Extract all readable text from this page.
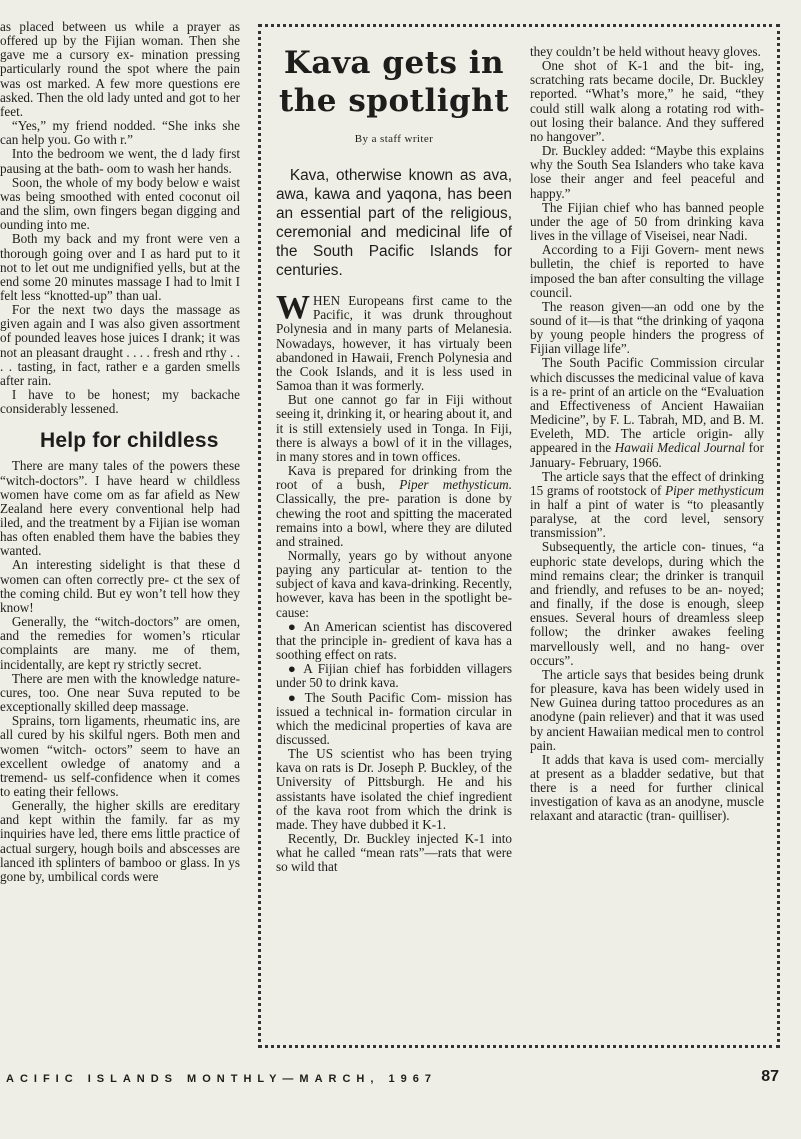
as placed between us while a prayer as offered up by the Fijian woman. Then she gave me a cursory ex- mination pressing particularly round the spot where the pain was ost marked. A few more questions ere asked. Then the old lady unted and got to her feet.

“Yes,” my friend nodded. “She inks she can help you. Go with r.”

Into the bedroom we went, the d lady first pausing at the bath- oom to wash her hands.

Soon, the whole of my body below e waist was being smoothed with ented coconut oil and the slim, own fingers began digging and ounding into me.

Both my back and my front were ven a thorough going over and I as hard put to it not to let out me undignified yells, but at the end some 20 minutes massage I had to lmit I felt less “knotted-up” than ual.

For the next two days the massage as given again and I was also given assortment of pounded leaves hose juices I drank; it was not an pleasant draught . . . . fresh and rthy . . . . tasting, in fact, rather e a garden smells after rain.

I have to be honest; my backache considerably lessened.

Help for childless

There are many tales of the powers these “witch-doctors”. I have heard w childless women have come om as far afield as New Zealand here every conventional help had iled, and the treatment by a Fijian ise woman has often enabled them have the babies they wanted.

An interesting sidelight is that these d women can often correctly pre- ct the sex of the coming child. But ey won’t tell how they know!

Generally, the “witch-doctors” are omen, and the remedies for women’s rticular complaints are many. me of them, incidentally, are kept ry strictly secret.

There are men with the knowledge nature-cures, too. One near Suva reputed to be exceptionally skilled deep massage.

Sprains, torn ligaments, rheumatic ins, are all cured by his skilful ngers. Both men and women “witch- octors” seem to have an excellent owledge of anatomy and a tremend- us self-confidence when it comes to eating their fellows.

Generally, the higher skills are ereditary and kept within the family. far as my inquiries have led, there ems little practice of actual surgery, hough boils and abscesses are lanced ith splinters of bamboo or glass. In ys gone by, umbilical cords were

Kava gets in the spotlight
By a staff writer

Kava, otherwise known as ava, awa, kawa and yaqona, has been an essential part of the religious, ceremonial and medicinal life of the South Pacific Islands for centuries.

WHEN Europeans first came to the Pacific, it was drunk throughout Polynesia and in many parts of Melanesia. Nowadays, however, it has virtualy been abandoned in Hawaii, French Polynesia and the Cook Islands, and it is less used in Samoa than it was formerly.

But one cannot go far in Fiji without seeing it, drinking it, or hearing about it, and it is still extensiely used in Tonga. In Fiji, there is always a bowl of it in the villages, in many stores and in town offices.

Kava is prepared for drinking from the root of a bush, Piper methysticum. Classically, the pre- paration is done by chewing the root and spitting the macerated remains into a bowl, where they are diluted and strained.

Normally, years go by without anyone paying any particular at- tention to the subject of kava and kava-drinking. Recently, however, kava has been in the spotlight be- cause:

● An American scientist has discovered that the principle in- gredient of kava has a soothing effect on rats.

● A Fijian chief has forbidden villagers under 50 to drink kava.

● The South Pacific Com- mission has issued a technical in- formation circular in which the medicinal properties of kava are discussed.

The US scientist who has been trying kava on rats is Dr. Joseph P. Buckley, of the University of Pittsburgh. He and his assistants have isolated the chief ingredient of the kava root from which the drink is made. They have dubbed it K-1.

Recently, Dr. Buckley injected K-1 into what he called “mean rats”—rats that were so wild that

they couldn’t be held without heavy gloves.

One shot of K-1 and the bit- ing, scratching rats became docile, Dr. Buckley reported. “What’s more,” he said, “they could still walk along a rotating rod with- out losing their balance. And they suffered no hangover”.

Dr. Buckley added: “Maybe this explains why the South Sea Islanders who take kava lose their anger and feel peaceful and happy.”

The Fijian chief who has banned people under the age of 50 from drinking kava lives in the village of Viseisei, near Nadi.

According to a Fiji Govern- ment news bulletin, the chief is reported to have imposed the ban after consulting the village council.

The reason given—an odd one by the sound of it—is that “the drinking of yaqona by young people hinders the progress of Fijian village life”.

The South Pacific Commission circular which discusses the medicinal value of kava is a re- print of an article on the “Evaluation and Effectiveness of Ancient Hawaiian Medicine”, by F. L. Tabrah, MD, and B. M. Eveleth, MD. The article origin- ally appeared in the Hawaii Medical Journal for January- February, 1966.

The article says that the effect of drinking 15 grams of rootstock of Piper methysticum in half a pint of water is “to pleasantly paralyse, at the cord level, sensory transmission”.

Subsequently, the article con- tinues, “a euphoric state develops, during which the mind remains clear; the drinker is tranquil and friendly, and refuses to be an- noyed; and finally, if the dose is enough, sleep ensues. Several hours of dreamless sleep follow; the drinker awakes feeling marvellously well, and no hang- over occurs”.

The article says that besides being drunk for pleasure, kava has been widely used in New Guinea during tattoo procedures as an anodyne (pain reliever) and that it was used by ancient Hawaiian medical men to control pain.

It adds that kava is used com- mercially at present as a bladder sedative, but that there is a need for further clinical investigation of kava as an anodyne, muscle relaxant and ataractic (tran- quilliser).

ACIFIC ISLANDS MONTHLY—MARCH, 1967	87
